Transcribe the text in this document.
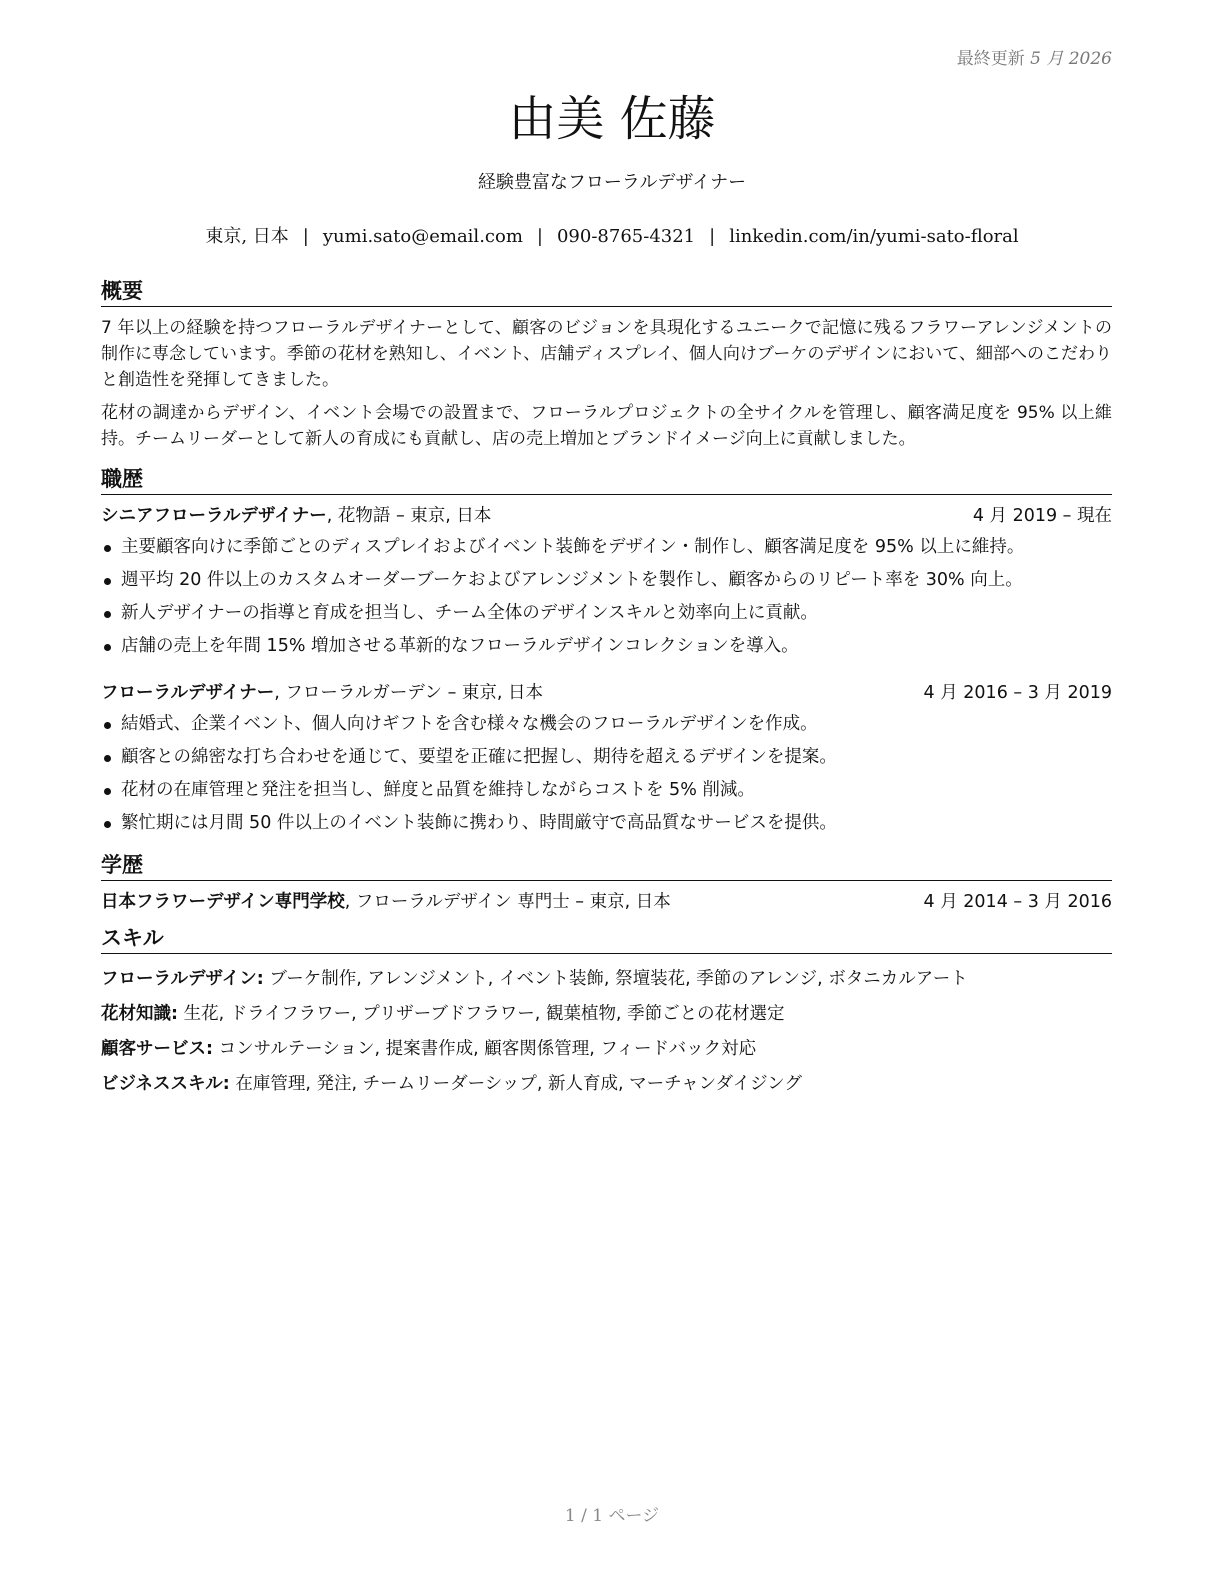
最終更新 5 月 2026
由美 佐藤
経験豊富なフローラルデザイナー
東京, 日本 | yumi.sato@email.com | 090-8765-4321 | linkedin.com/in/yumi-sato-floral
概要

7 年以上の経験を持つフローラルデザイナーとして、顧客のビジョンを具現化するユニークで記憶に残るフラワーアレンジメントの制作に専念しています。季節の花材を熟知し、イベント、店舗ディスプレイ、個人向けブーケのデザインにおいて、細部へのこだわりと創造性を発揮してきました。

花材の調達からデザイン、イベント会場での設置まで、フローラルプロジェクトの全サイクルを管理し、顧客満足度を 95% 以上維持。チームリーダーとして新人の育成にも貢献し、店の売上増加とブランドイメージ向上に貢献しました。

職歴
シニアフローラルデザイナー, 花物語 – 東京, 日本	4 月 2019 – 現在
主要顧客向けに季節ごとのディスプレイおよびイベント装飾をデザイン・制作し、顧客満足度を 95% 以上に維持。
週平均 20 件以上のカスタムオーダーブーケおよびアレンジメントを製作し、顧客からのリピート率を 30% 向上。
新人デザイナーの指導と育成を担当し、チーム全体のデザインスキルと効率向上に貢献。
店舗の売上を年間 15% 増加させる革新的なフローラルデザインコレクションを導入。
フローラルデザイナー, フローラルガーデン – 東京, 日本	4 月 2016 – 3 月 2019
結婚式、企業イベント、個人向けギフトを含む様々な機会のフローラルデザインを作成。
顧客との綿密な打ち合わせを通じて、要望を正確に把握し、期待を超えるデザインを提案。
花材の在庫管理と発注を担当し、鮮度と品質を維持しながらコストを 5% 削減。
繁忙期には月間 50 件以上のイベント装飾に携わり、時間厳守で高品質なサービスを提供。
学歴
日本フラワーデザイン専門学校, フローラルデザイン 専門士 – 東京, 日本	4 月 2014 – 3 月 2016
スキル
フローラルデザイン: ブーケ制作, アレンジメント, イベント装飾, 祭壇装花, 季節のアレンジ, ボタニカルアート
花材知識: 生花, ドライフラワー, プリザーブドフラワー, 観葉植物, 季節ごとの花材選定
顧客サービス: コンサルテーション, 提案書作成, 顧客関係管理, フィードバック対応
ビジネススキル: 在庫管理, 発注, チームリーダーシップ, 新人育成, マーチャンダイジング
1 / 1 ページ
